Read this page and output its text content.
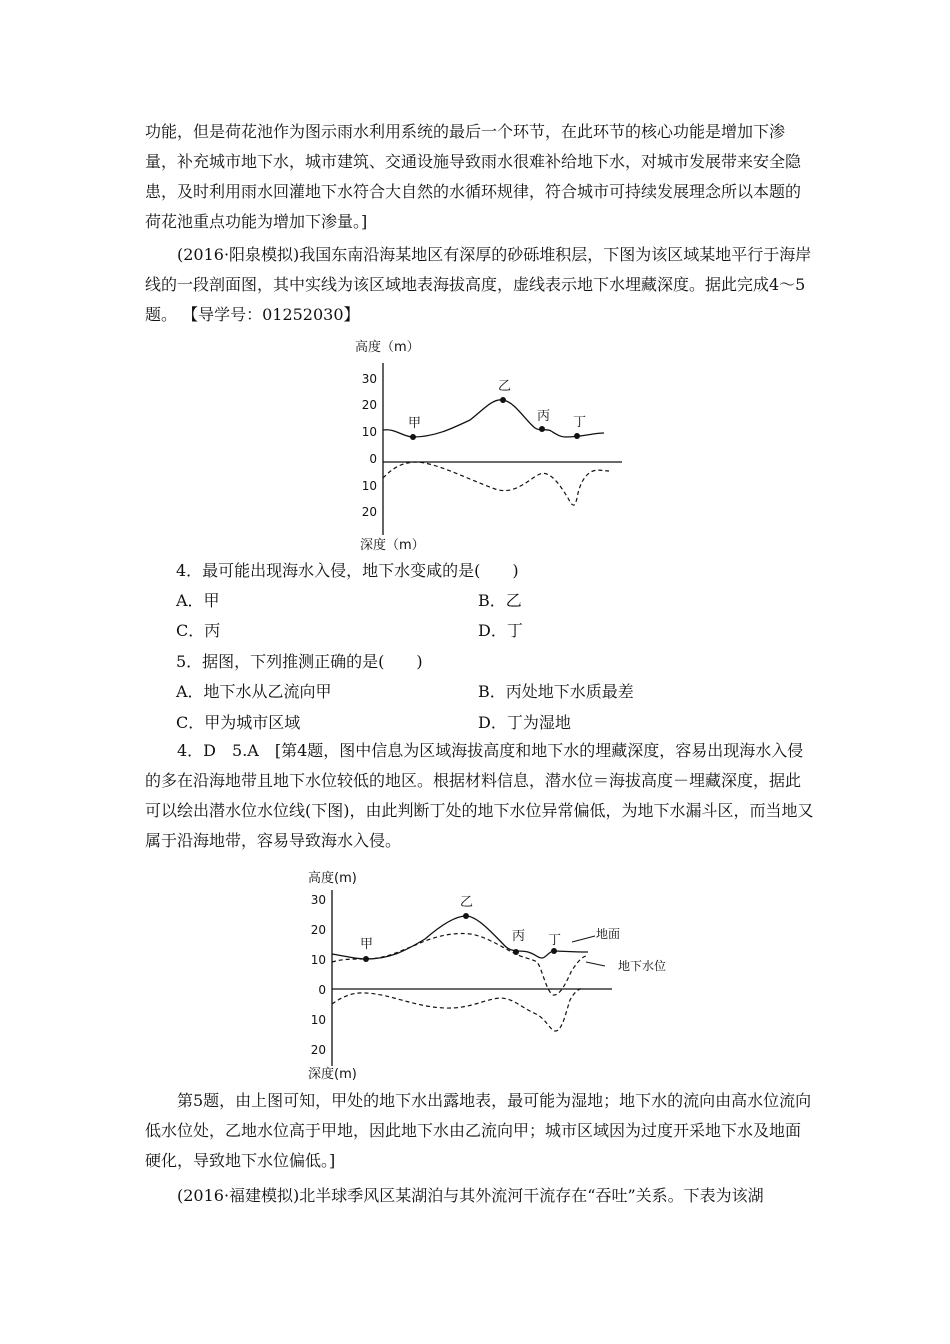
功能，但是荷花池作为图示雨水利用系统的最后一个环节，在此环节的核心功能是增加下渗量，补充城市地下水，城市建筑、交通设施导致雨水很难补给地下水，对城市发展带来安全隐患，及时利用雨水回灌地下水符合大自然的水循环规律，符合城市可持续发展理念所以本题的荷花池重点功能为增加下渗量。]

(2016·阳泉模拟)我国东南沿海某地区有深厚的砂砾堆积层，下图为该区域某地平行于海岸线的一段剖面图，其中实线为该区域地表海拔高度，虚线表示地下水埋藏深度。据此完成4～5题。 【导学号：01252030】

高度（m）
30
20
10
0
10
20
甲
乙
丙 丁
深度（m）
4．最可能出现海水入侵，地下水变咸的是(　　)
A．甲	B．乙
C．丙	D．丁
5．据图，下列推测正确的是(　　)
A．地下水从乙流向甲	B．丙处地下水质最差
C．甲为城市区域	D．丁为湿地

4．D　5.A　[第4题，图中信息为区域海拔高度和地下水的埋藏深度，容易出现海水入侵的多在沿海地带且地下水位较低的地区。根据材料信息，潜水位＝海拔高度－埋藏深度，据此可以绘出潜水位水位线(下图)，由此判断丁处的地下水位异常偏低，为地下水漏斗区，而当地又属于沿海地带，容易导致海水入侵。

高度(m)
30
20
10
0
10
20
甲
乙
丙 丁	地面
地下水位
深度(m)

第5题，由上图可知，甲处的地下水出露地表，最可能为湿地；地下水的流向由高水位流向低水位处，乙地水位高于甲地，因此地下水由乙流向甲；城市区域因为过度开采地下水及地面硬化，导致地下水位偏低。]

(2016·福建模拟)北半球季风区某湖泊与其外流河干流存在“吞吐”关系。下表为该湖
